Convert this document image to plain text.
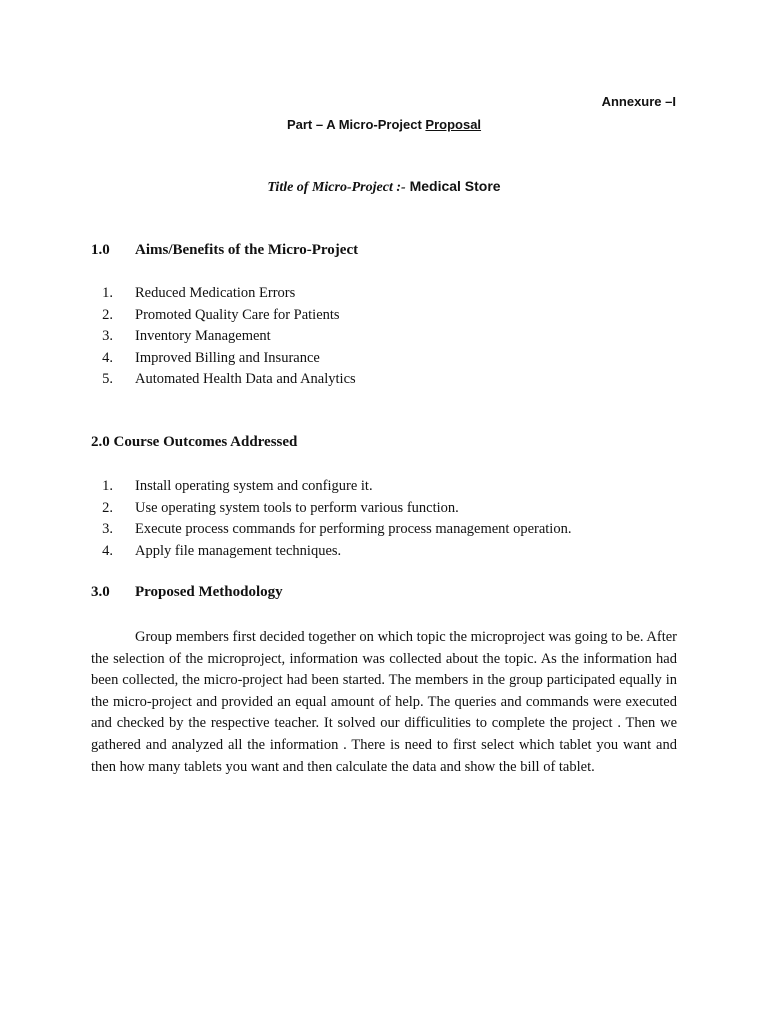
Annexure –I
Part – A Micro-Project Proposal
Title of Micro-Project :- Medical Store
1.0 Aims/Benefits of the Micro-Project
1. Reduced Medication Errors
2. Promoted Quality Care for Patients
3. Inventory Management
4. Improved Billing and Insurance
5. Automated Health Data and Analytics
2.0 Course Outcomes Addressed
1. Install operating system and configure it.
2. Use operating system tools to perform various function.
3. Execute process commands for performing process management operation.
4. Apply file management techniques.
3.0 Proposed Methodology

Group members first decided together on which topic the microproject was going to be. After the selection of the microproject, information was collected about the topic. As the information had been collected, the micro-project had been started. The members in the group participated equally in the micro-project and provided an equal amount of help. The queries and commands were executed and checked by the respective teacher. It solved our difficulities to complete the project . Then we gathered and analyzed all the information . There is need to first select which tablet you want and then how many tablets you want and then calculate the data and show the bill of tablet.
